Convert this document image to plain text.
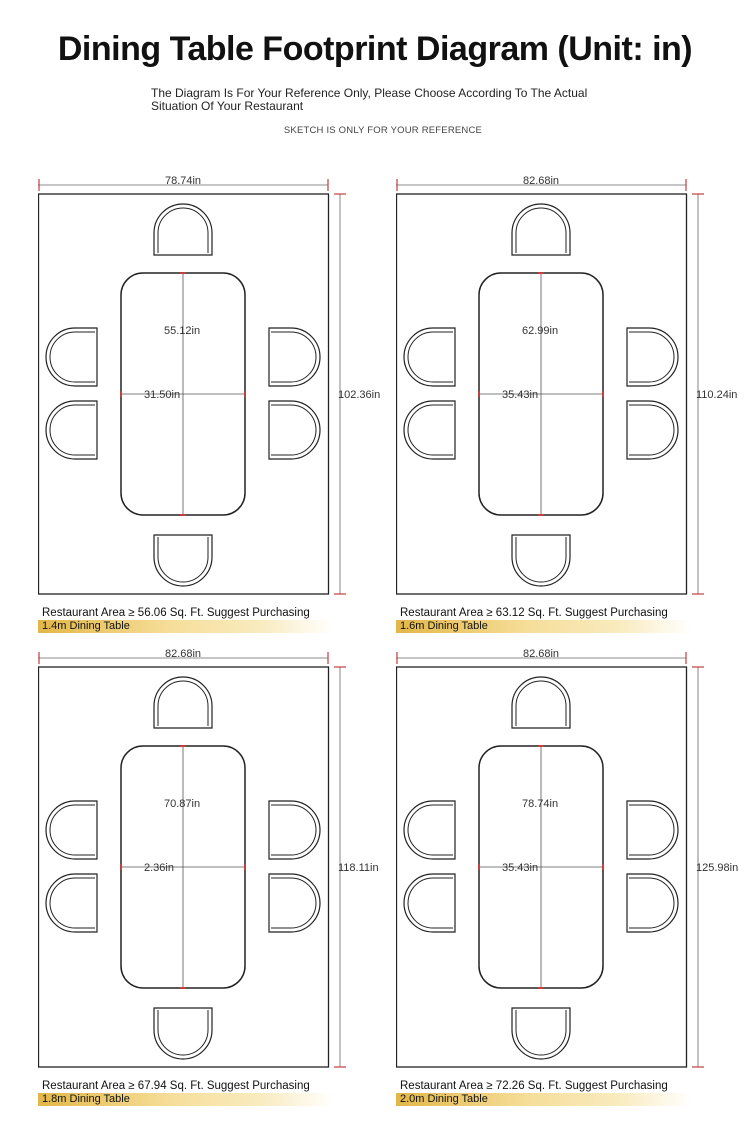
Dining Table Footprint Diagram (Unit: in)
The Diagram Is For Your Reference Only, Please Choose According To The Actual
Situation Of Your Restaurant
SKETCH IS ONLY FOR YOUR REFERENCE
78.74in
102.36in
55.12in
31.50in
Restaurant Area ≥ 56.06 Sq. Ft. Suggest Purchasing
1.4m Dining Table
82.68in
110.24in
62.99in
35.43in
Restaurant Area ≥ 63.12 Sq. Ft. Suggest Purchasing
1.6m Dining Table
82.68in
118.11in
70.87in
2.36in
Restaurant Area ≥ 67.94 Sq. Ft. Suggest Purchasing
1.8m Dining Table
82.68in
125.98in
78.74in
35.43in
Restaurant Area ≥ 72.26 Sq. Ft. Suggest Purchasing
2.0m Dining Table
